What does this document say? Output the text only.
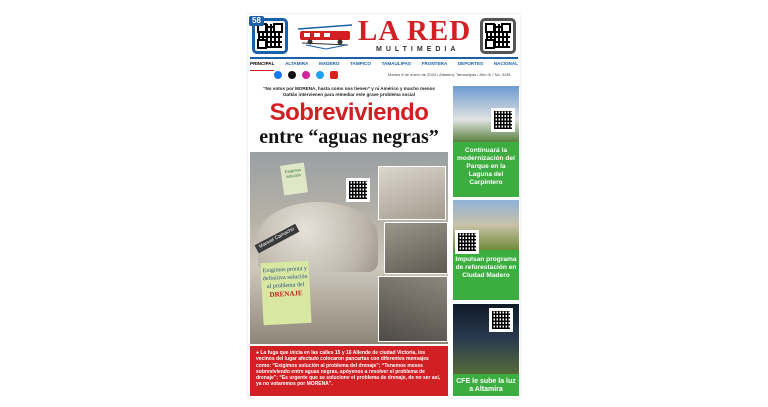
58	LA RED
MULTIMEDIA
PRINCIPAL ALTAMIRA MADERO TAMPICO TAMAULIPAS FRONTERA DEPORTES NACIONAL
Martes 8 de enero de 2024 / Altamira, Tamaulipas / Año IX / No. 3281
“No votos por MORENA, hasta como nos tienen” y ni Américo y mucho menos
Gattás intervienen para remediar este grave problema social
Sobreviviendo
entre “aguas negras”
Exigimos solución
Manuel Camacho
Exigimos pronta y definitiva solución al problema del
DRENAJE
● La fuga que inicia en las calles 15 y 16 Allende de ciudad Victoria, los vecinos del lugar afectado colocaron pancartas con diferentes mensajes como: “Exigimos solución al problema del drenaje”; “Tenemos meses sobreviviendo entre aguas negras, apóyenos a resolver el problema de drenaje”; “Es urgente que se solucione el problema de drenaje, de no ser así, ya no votaremos por MORENA”.
Continuará la modernización del Parque en la Laguna del Carpintero
Impulsan programa de reforestación en Ciudad Madero
CFE le sube la luz a Altamira
